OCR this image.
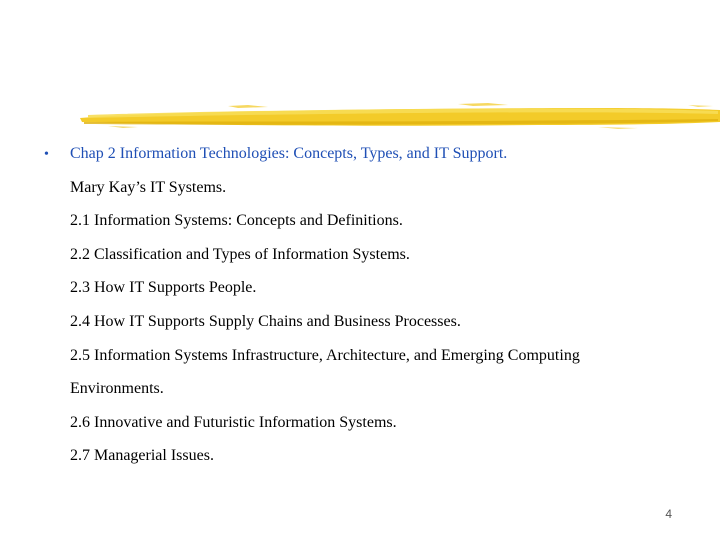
• Chap 2 Information Technologies: Concepts, Types, and IT Support.
Mary Kay’s IT Systems.
2.1 Information Systems: Concepts and Definitions.
2.2 Classification and Types of Information Systems.
2.3 How IT Supports People.
2.4 How IT Supports Supply Chains and Business Processes.
2.5 Information Systems Infrastructure, Architecture, and Emerging Computing
Environments.
2.6 Innovative and Futuristic Information Systems.
2.7 Managerial Issues.
4
